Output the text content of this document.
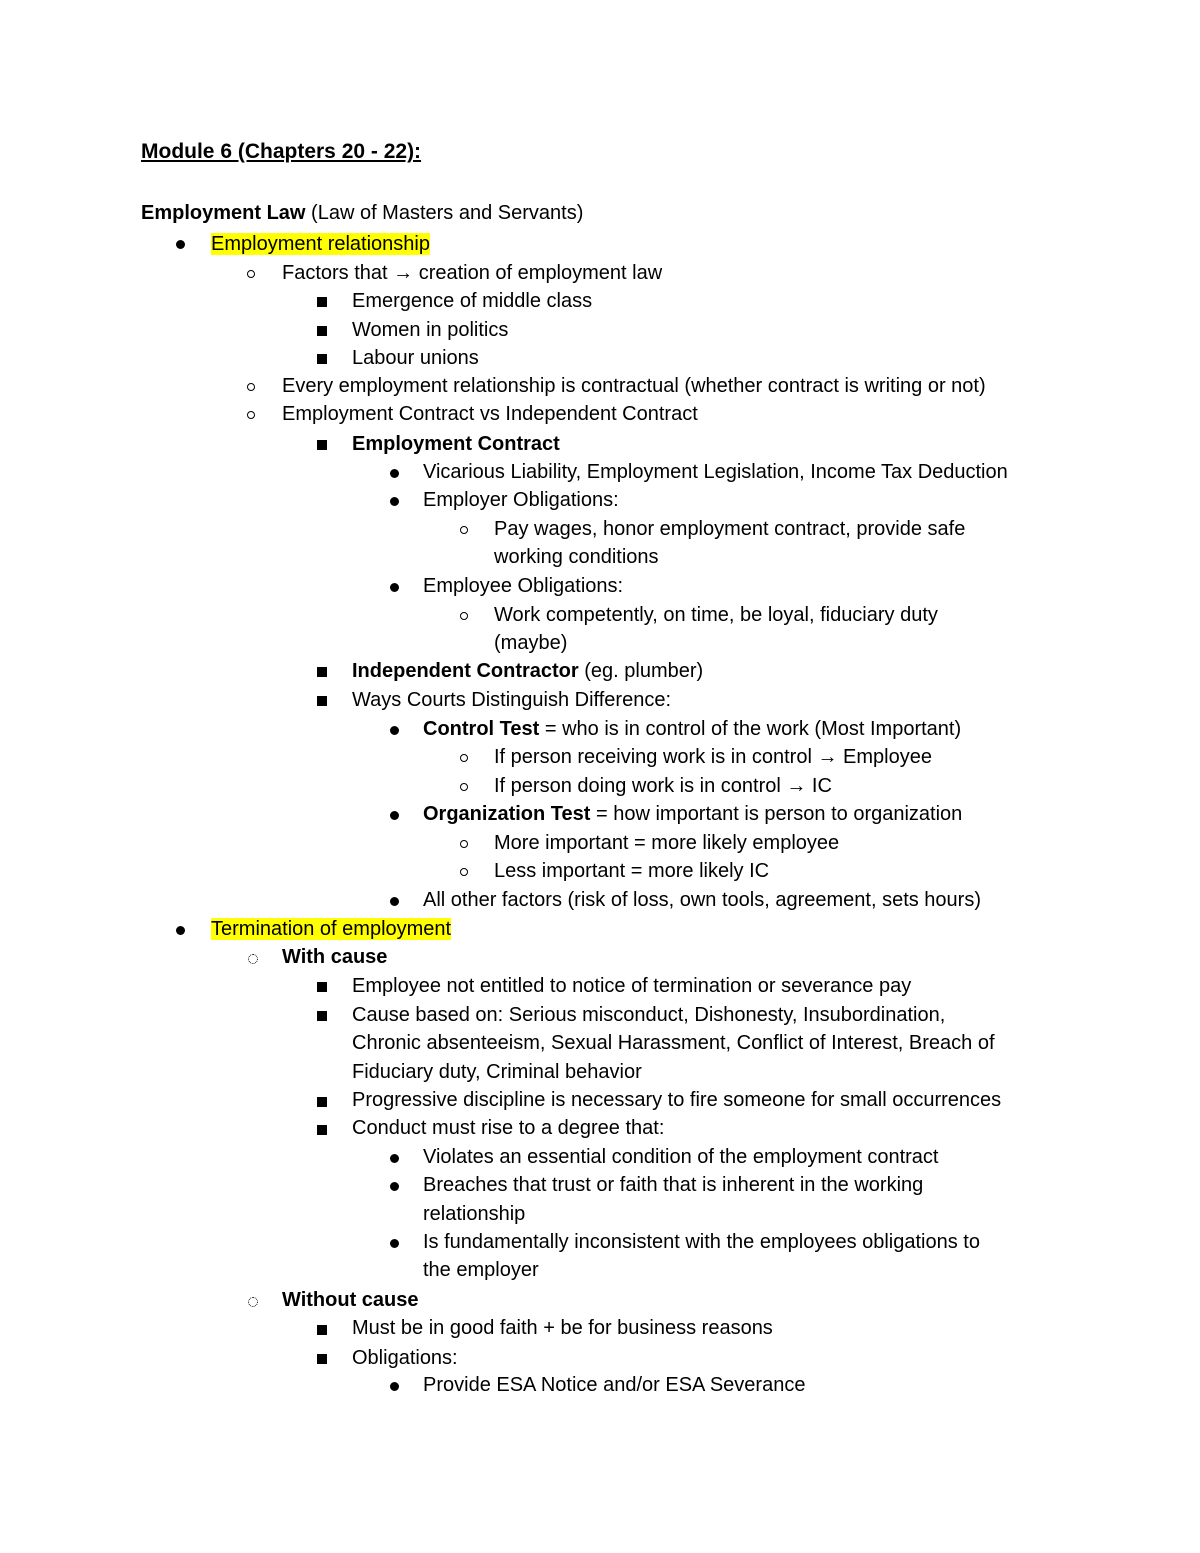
Module 6 (Chapters 20 - 22):
Employment Law (Law of Masters and Servants)
Employment relationship
Factors that → creation of employment law
Emergence of middle class
Women in politics
Labour unions
Every employment relationship is contractual (whether contract is writing or not)
Employment Contract vs Independent Contract
Employment Contract
Vicarious Liability, Employment Legislation, Income Tax Deduction
Employer Obligations:
Pay wages, honor employment contract, provide safe
working conditions
Employee Obligations:
Work competently, on time, be loyal, fiduciary duty
(maybe)
Independent Contractor (eg. plumber)
Ways Courts Distinguish Difference:
Control Test = who is in control of the work (Most Important)
If person receiving work is in control → Employee
If person doing work is in control → IC
Organization Test = how important is person to organization
More important = more likely employee
Less important = more likely IC
All other factors (risk of loss, own tools, agreement, sets hours)
Termination of employment
With cause
Employee not entitled to notice of termination or severance pay
Cause based on: Serious misconduct, Dishonesty, Insubordination,
Chronic absenteeism, Sexual Harassment, Conflict of Interest, Breach of
Fiduciary duty, Criminal behavior
Progressive discipline is necessary to fire someone for small occurrences
Conduct must rise to a degree that:
Violates an essential condition of the employment contract
Breaches that trust or faith that is inherent in the working
relationship
Is fundamentally inconsistent with the employees obligations to
the employer
Without cause
Must be in good faith + be for business reasons
Obligations:
Provide ESA Notice and/or ESA Severance
